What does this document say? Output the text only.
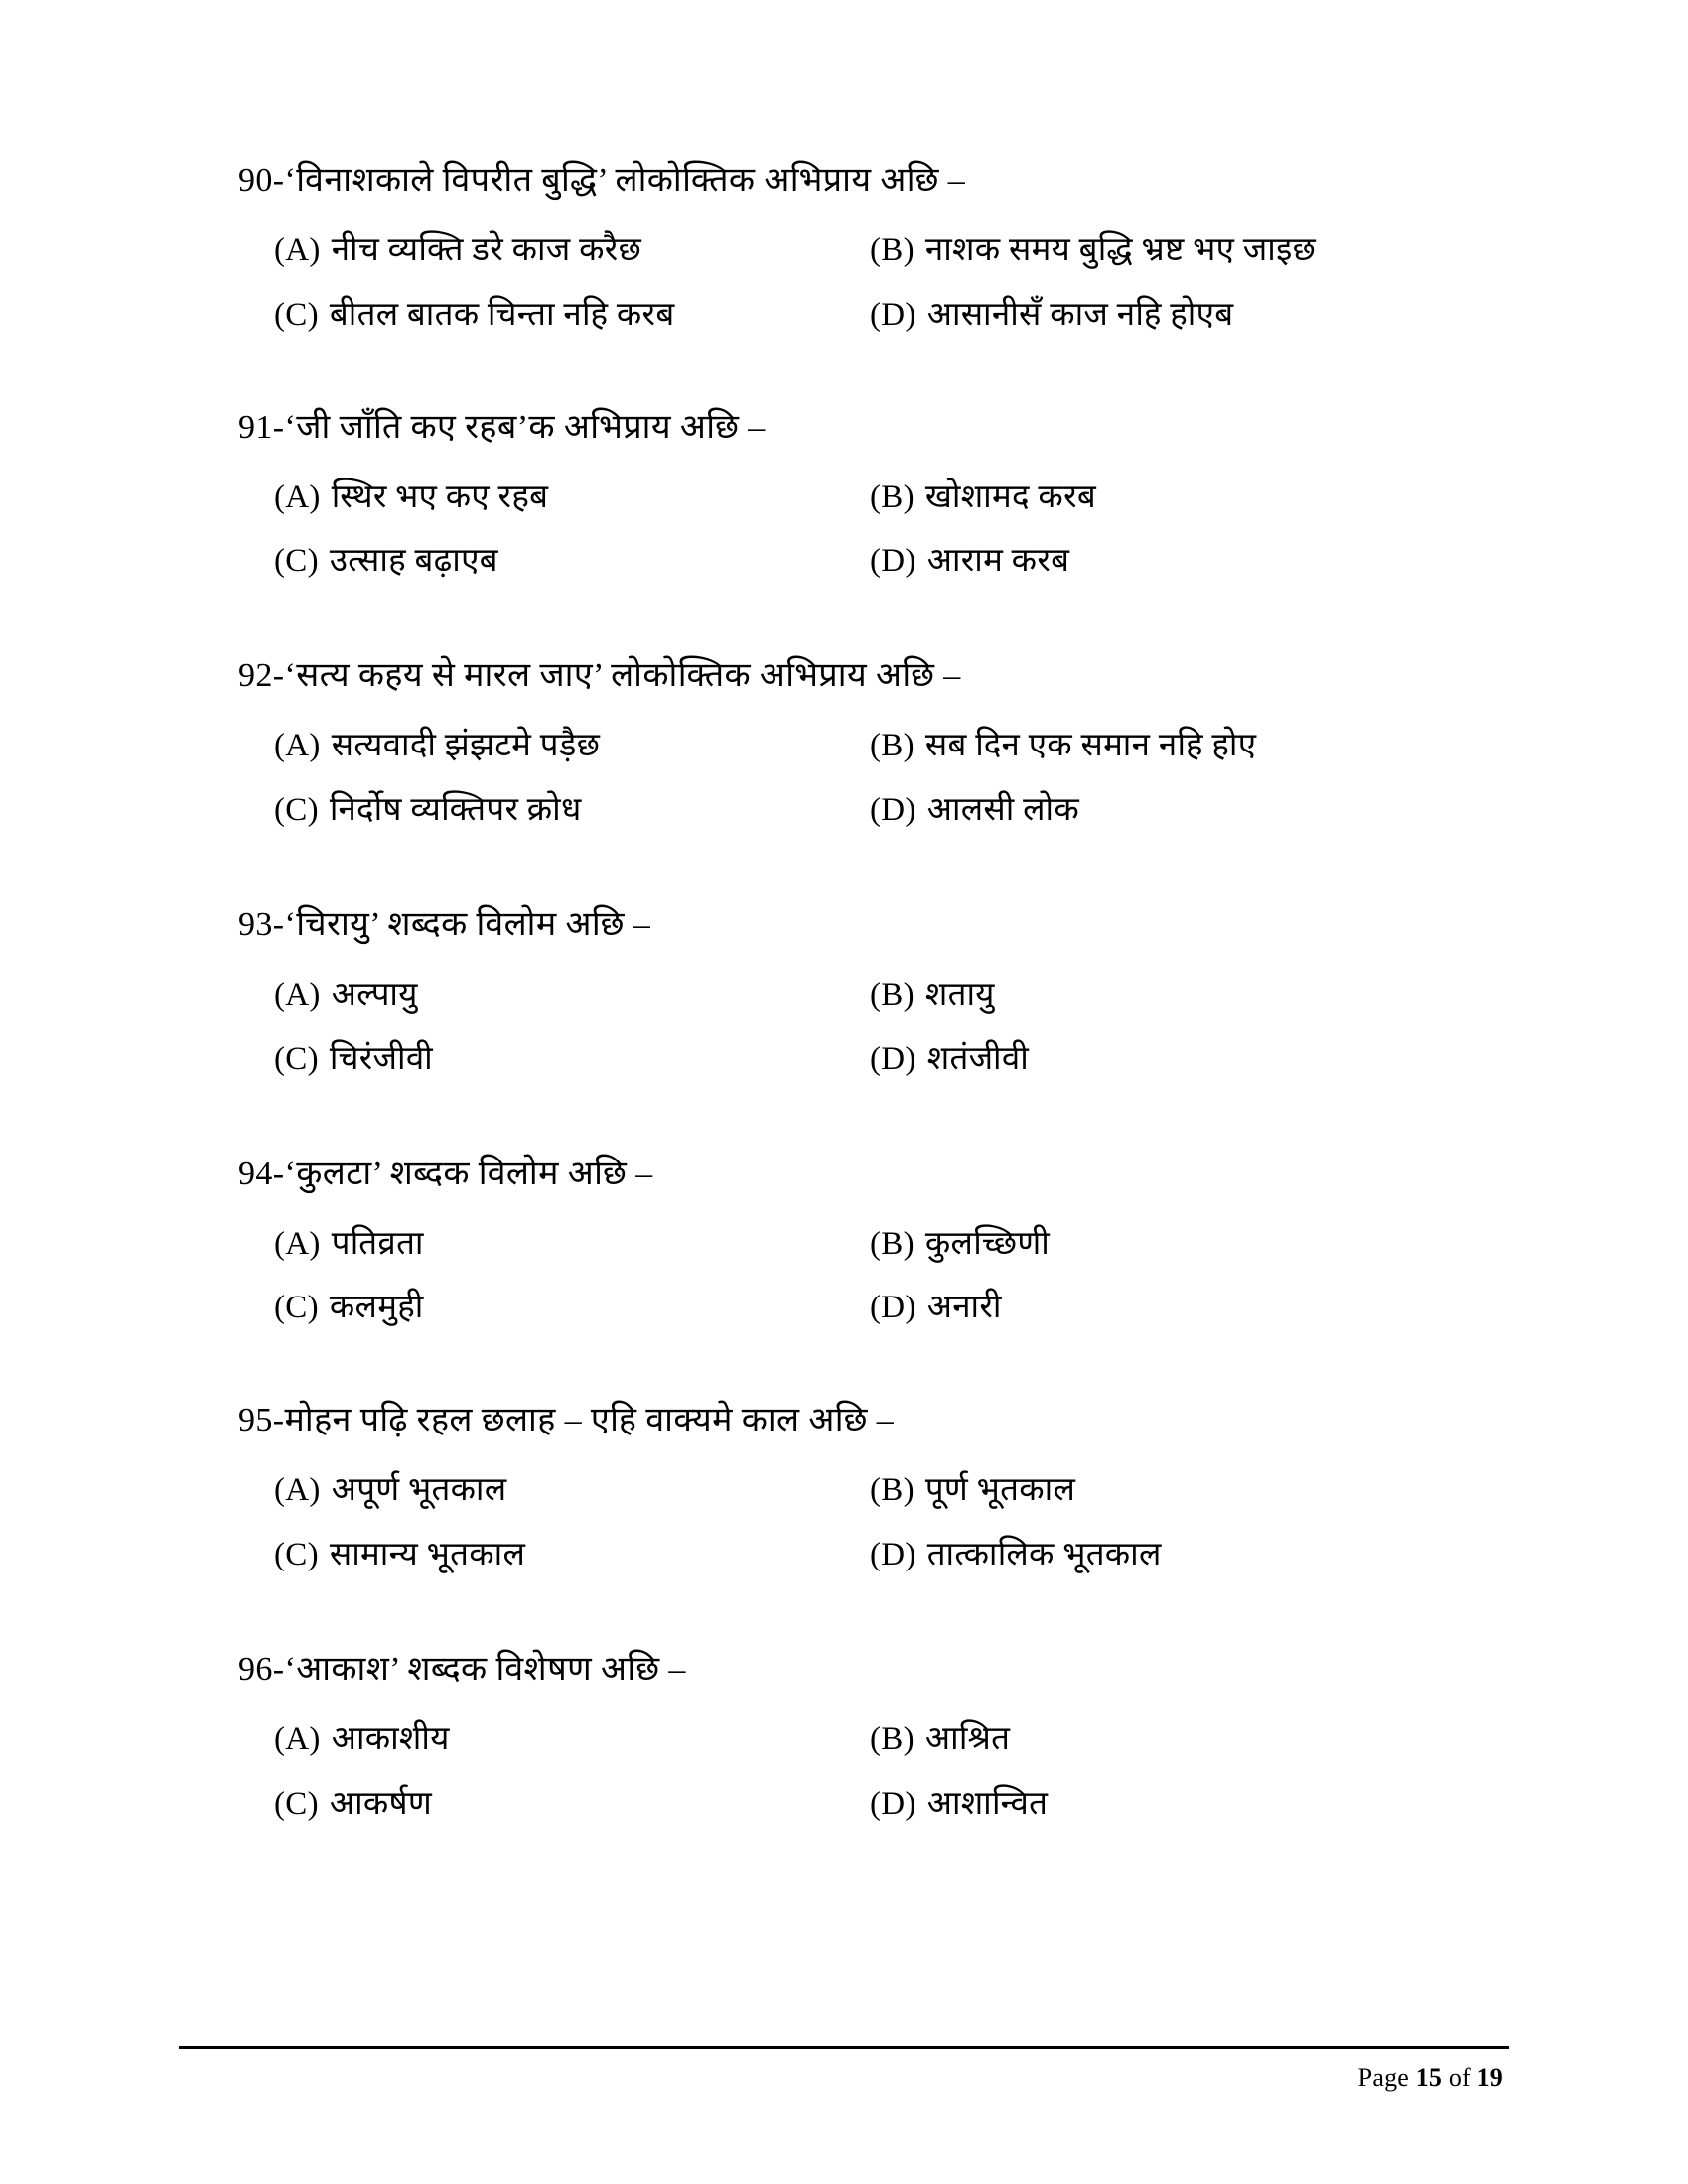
90-‘विनाशकाले विपरीत बुद्धि’ लोकोक्तिक अभिप्राय अछि –
(A) नीच व्यक्ति डरे काज करैछ	(B) नाशक समय बुद्धि भ्रष्ट भए जाइछ
(C) बीतल बातक चिन्ता नहि करब	(D) आसानीसँ काज नहि होएब
91-‘जी जाँति कए रहब’क अभिप्राय अछि –
(A) स्थिर भए कए रहब	(B) खोशामद करब
(C) उत्साह बढ़ाएब	(D) आराम करब
92-‘सत्य कहय से मारल जाए’ लोकोक्तिक अभिप्राय अछि –
(A) सत्यवादी झंझटमे पड़ैछ	(B) सब दिन एक समान नहि होए
(C) निर्दोष व्यक्तिपर क्रोध	(D) आलसी लोक
93-‘चिरायु’ शब्दक विलोम अछि –
(A) अल्पायु	(B) शतायु
(C) चिरंजीवी	(D) शतंजीवी
94-‘कुलटा’ शब्दक विलोम अछि –
(A) पतिव्रता	(B) कुलच्छिणी
(C) कलमुही	(D) अनारी
95-मोहन पढ़ि रहल छलाह – एहि वाक्यमे काल अछि –
(A) अपूर्ण भूतकाल	(B) पूर्ण भूतकाल
(C) सामान्य भूतकाल	(D) तात्कालिक भूतकाल
96-‘आकाश’ शब्दक विशेषण अछि –
(A) आकाशीय	(B) आश्रित
(C) आकर्षण	(D) आशान्वित
Page 15 of 19
